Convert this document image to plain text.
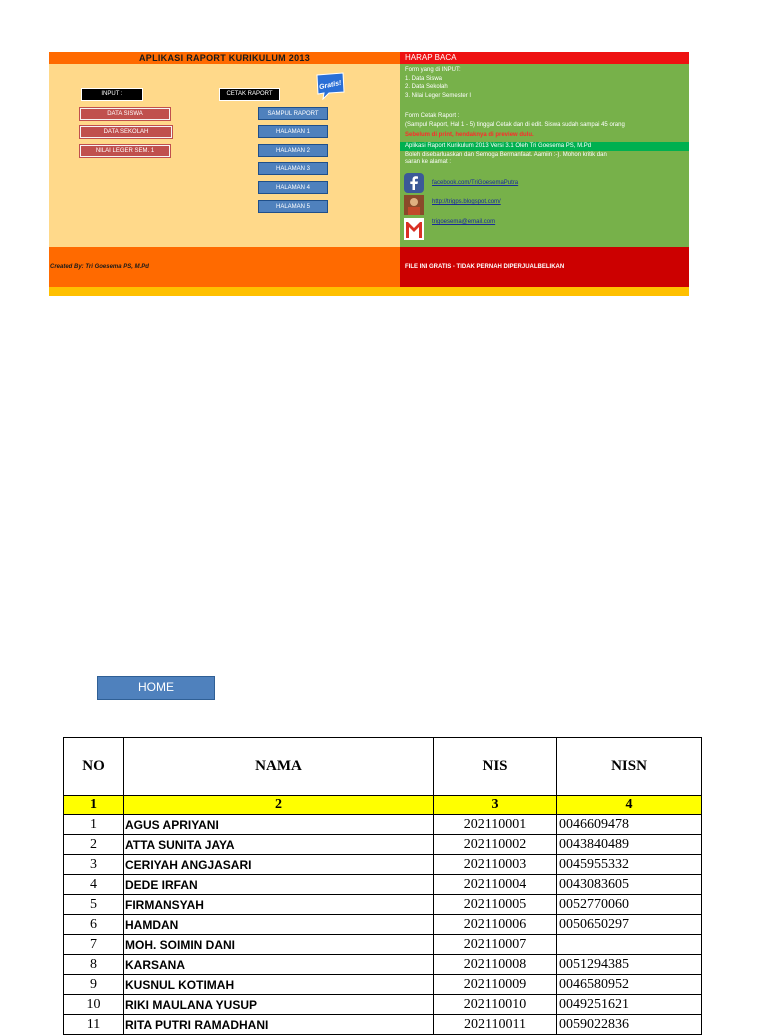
APLIKASI RAPORT KURIKULUM 2013
INPUT :
DATA SISWA
DATA SEKOLAH
NILAI LEGER SEM. 1
CETAK RAPORT
SAMPUL RAPORT
HALAMAN 1
HALAMAN 2
HALAMAN 3
HALAMAN 4
HALAMAN 5
Gratis!
Created By: Tri Goesema PS, M.Pd
HARAP BACA
Form yang di INPUT:
1. Data Siswa
2. Data Sekolah
3. Nilai Leger Semester I
Form Cetak Raport :
(Sampul Raport, Hal 1 - 5) tinggal Cetak dan di edit. Siswa sudah sampai 45 orang
Sebelum di print, hendaknya di preview dulu.
Aplikasi Raport Kurikulum 2013 Versi 3.1 Oleh Tri Goesema PS, M.Pd
Boleh disebarluaskan dan Semoga Bermanfaat. Aamiin :-). Mohon kritik dan
saran ke alamat :
facebook.com/TriGoesemaPutra
http://trigps.blogspot.com/
trigoesema@email.com
FILE INI GRATIS - TIDAK PERNAH DIPERJUALBELIKAN
HOME
NO	NAMA	NIS	NISN
1	2	3	4
1	AGUS APRIYANI	202110001	0046609478
2	ATTA SUNITA JAYA	202110002	0043840489
3	CERIYAH ANGJASARI	202110003	0045955332
4	DEDE IRFAN	202110004	0043083605
5	FIRMANSYAH	202110005	0052770060
6	HAMDAN	202110006	0050650297
7	MOH. SOIMIN DANI	202110007	
8	KARSANA	202110008	0051294385
9	KUSNUL KOTIMAH	202110009	0046580952
10	RIKI MAULANA YUSUP	202110010	0049251621
11	RITA PUTRI RAMADHANI	202110011	0059022836
